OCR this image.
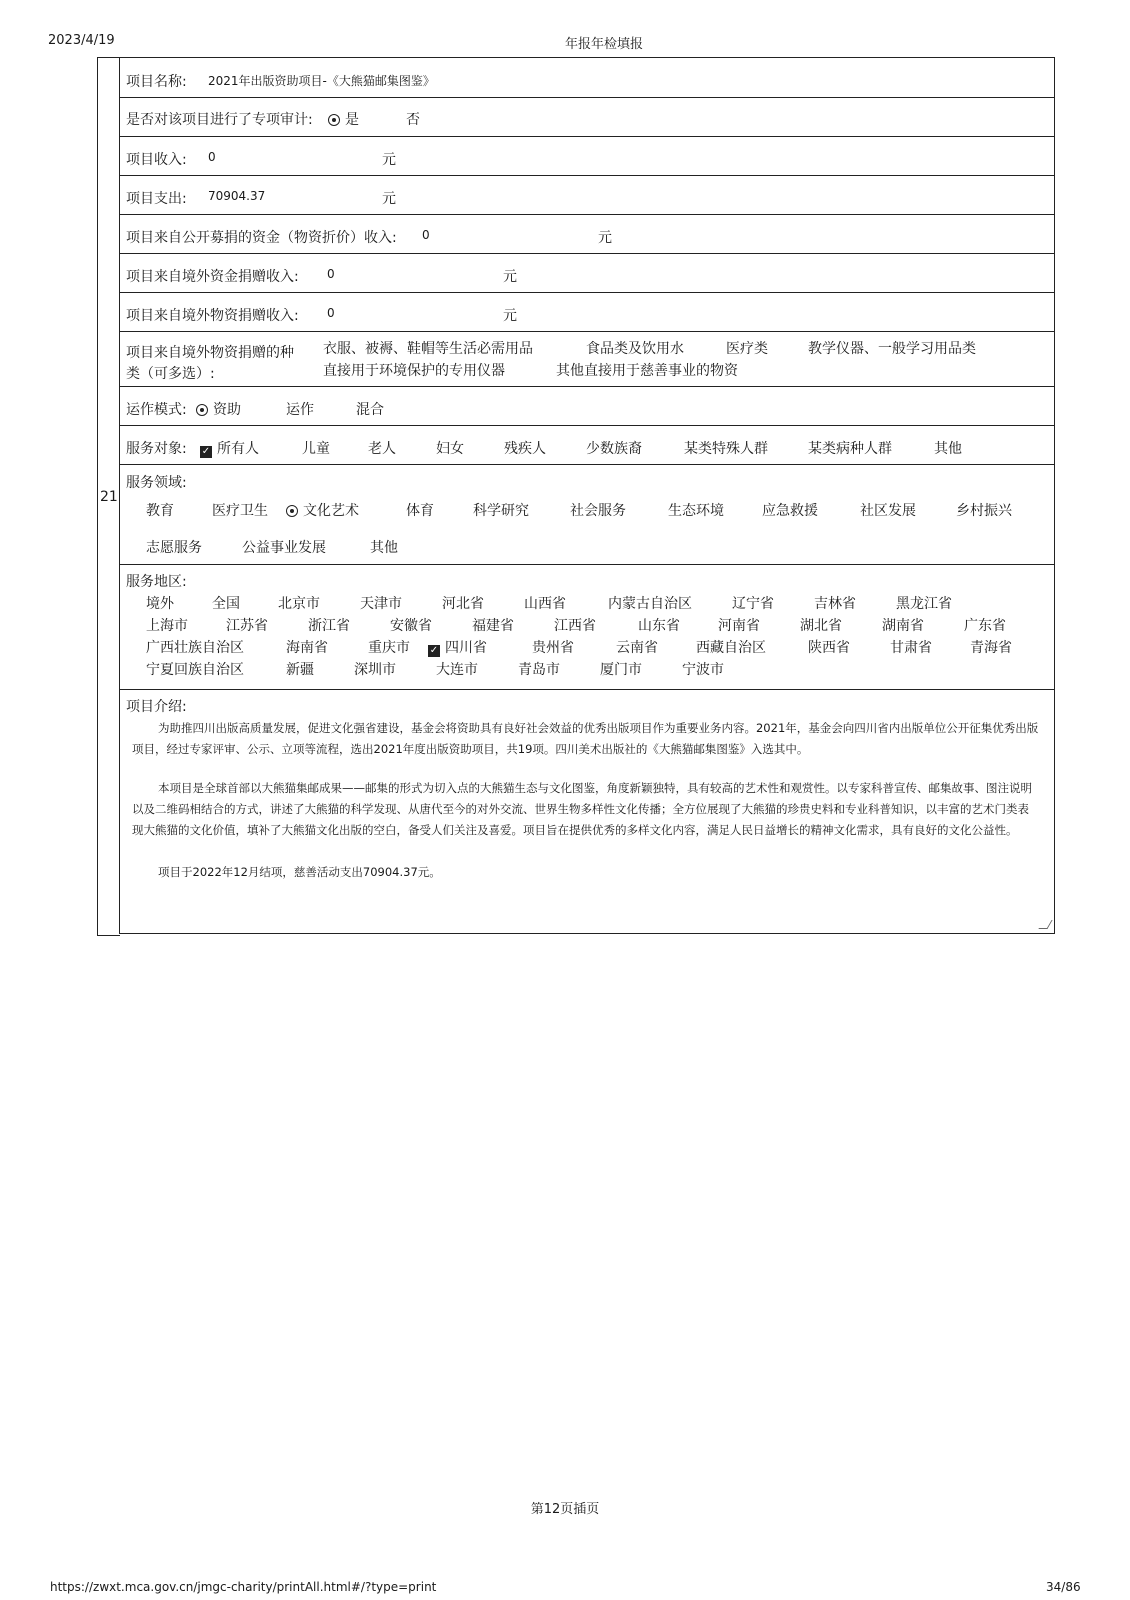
2023/4/19	年报年检填报
21
项目名称: 2021年出版资助项目-《大熊猫邮集图鉴》
是否对该项目进行了专项审计:	是	否
项目收入: 0	元
项目支出: 70904.37	元
项目来自公开募捐的资金（物资折价）收入: 0	元
项目来自境外资金捐赠收入: 0	元
项目来自境外物资捐赠收入: 0	元
项目来自境外物资捐赠的种
类（可多选）:
衣服、被褥、鞋帽等生活必需用品	食品类及饮用水	医疗类	教学仪器、一般学习用品类
直接用于环境保护的专用仪器	其他直接用于慈善事业的物资
运作模式:	资助	运作	混合
服务对象: ✓ 所有人	儿童	老人	妇女	残疾人	少数族裔	某类特殊人群	某类病种人群	其他
服务领域:
教育	医疗卫生	文化艺术	体育	科学研究	社会服务	生态环境	应急救援	社区发展	乡村振兴
志愿服务	公益事业发展	其他
服务地区:
境外	全国	北京市	天津市	河北省	山西省	内蒙古自治区	辽宁省	吉林省	黑龙江省
上海市	江苏省	浙江省	安徽省	福建省	江西省	山东省	河南省	湖北省	湖南省	广东省
广西壮族自治区	海南省	重庆市 ✓ 四川省	贵州省	云南省	西藏自治区	陕西省	甘肃省	青海省
宁夏回族自治区	新疆	深圳市	大连市	青岛市	厦门市	宁波市
项目介绍:
为助推四川出版高质量发展，促进文化强省建设，基金会将资助具有良好社会效益的优秀出版项目作为重要业务内容。2021年，基金会向四川省内出版单位公开征集优秀出版项目，经过专家评审、公示、立项等流程，选出2021年度出版资助项目，共19项。四川美术出版社的《大熊猫邮集图鉴》入选其中。
本项目是全球首部以大熊猫集邮成果——邮集的形式为切入点的大熊猫生态与文化图鉴，角度新颖独特，具有较高的艺术性和观赏性。以专家科普宣传、邮集故事、图注说明以及二维码相结合的方式，讲述了大熊猫的科学发现、从唐代至今的对外交流、世界生物多样性文化传播；全方位展现了大熊猫的珍贵史料和专业科普知识，以丰富的艺术门类表现大熊猫的文化价值，填补了大熊猫文化出版的空白，备受人们关注及喜爱。项目旨在提供优秀的多样文化内容，满足人民日益增长的精神文化需求，具有良好的文化公益性。
项目于2022年12月结项，慈善活动支出70904.37元。
第12页插页
https://zwxt.mca.gov.cn/jmgc-charity/printAll.html#/?type=print	34/86
